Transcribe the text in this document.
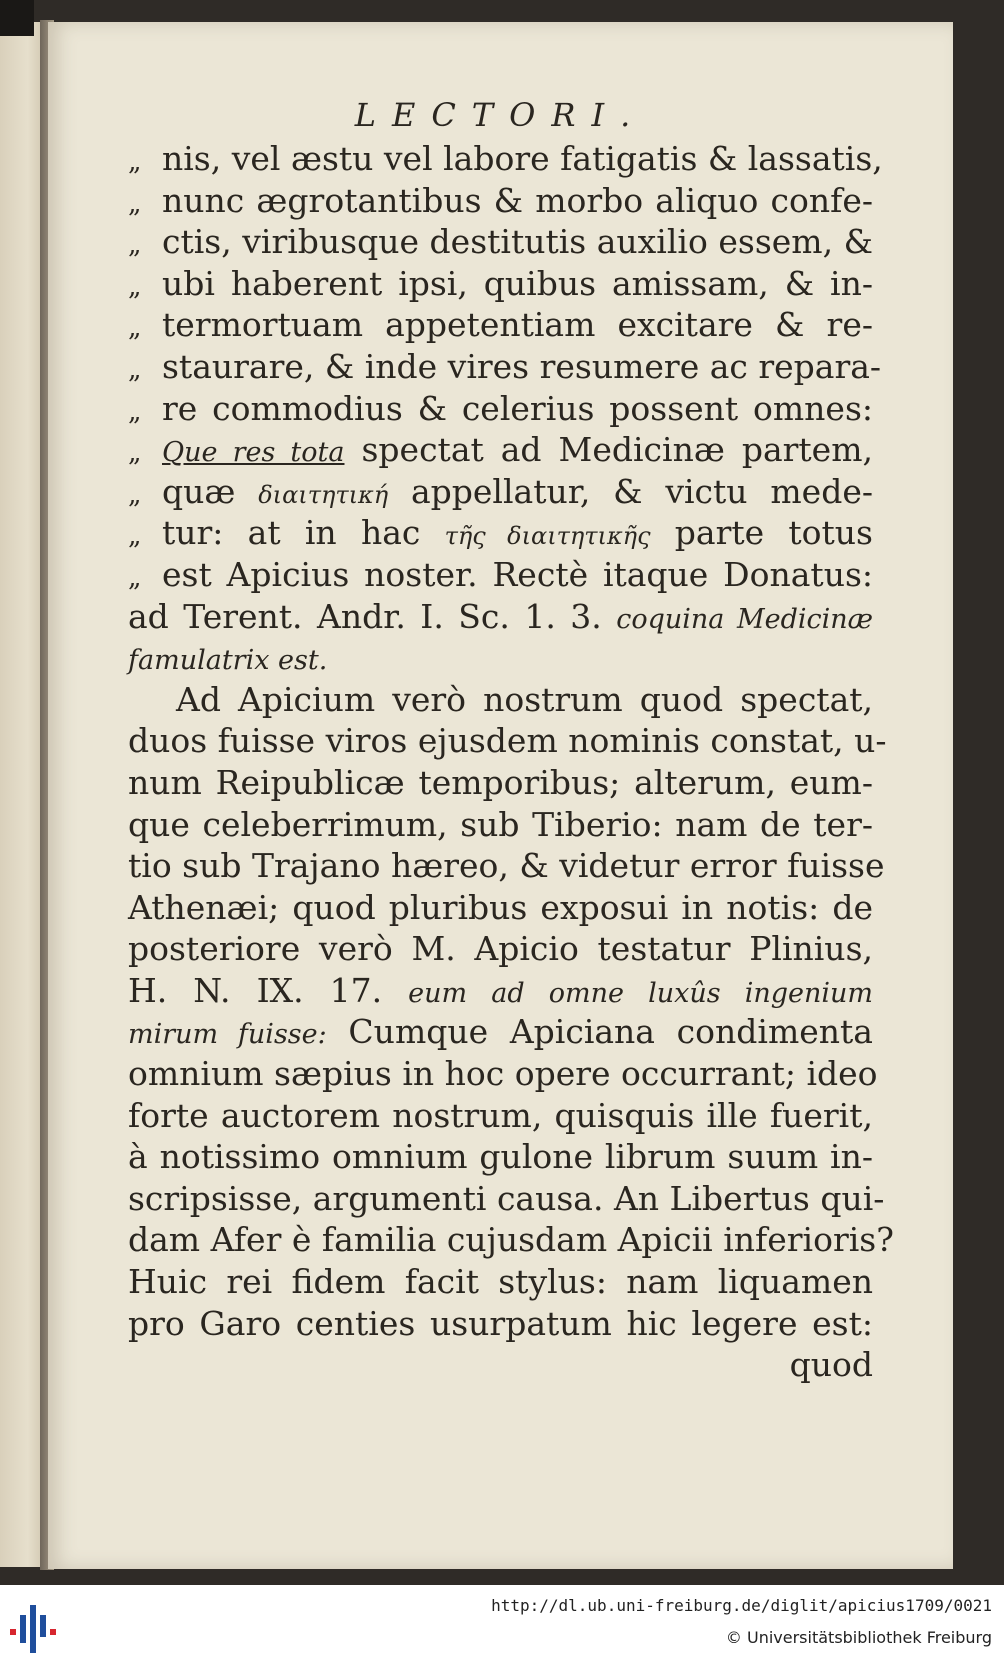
LECTORI.
„ nis, vel æstu vel labore fatigatis & lassatis,
„ nunc ægrotantibus & morbo aliquo confe-
„ ctis, viribusque destitutis auxilio essem, &
„ ubi haberent ipsi, quibus amissam, & in-
„ termortuam appetentiam excitare & re-
„ staurare, & inde vires resumere ac repara-
„ re commodius & celerius possent omnes:
„ Que res tota spectat ad Medicinæ partem,
„ quæ διαιτητική appellatur, & victu mede-
„ tur: at in hac τῆς διαιτητικῆς parte totus
„ est Apicius noster. Rectè itaque Donatus:
ad Terent. Andr. I. Sc. 1. 3. coquina Medicinæ
famulatrix est.
Ad Apicium verò nostrum quod spectat,
duos fuisse viros ejusdem nominis constat, u-
num Reipublicæ temporibus; alterum, eum-
que celeberrimum, sub Tiberio: nam de ter-
tio sub Trajano hæreo, & videtur error fuisse
Athenæi; quod pluribus exposui in notis: de
posteriore verò M. Apicio testatur Plinius,
H. N. IX. 17. eum ad omne luxûs ingenium
mirum fuisse: Cumque Apiciana condimenta
omnium sæpius in hoc opere occurrant; ideo
forte auctorem nostrum, quisquis ille fuerit,
à notissimo omnium gulone librum suum in-
scripsisse, argumenti causa. An Libertus qui-
dam Afer è familia cujusdam Apicii inferioris?
Huic rei fidem facit stylus: nam liquamen
pro Garo centies usurpatum hic legere est:
quod
http://dl.ub.uni-freiburg.de/diglit/apicius1709/0021
© Universitätsbibliothek Freiburg
